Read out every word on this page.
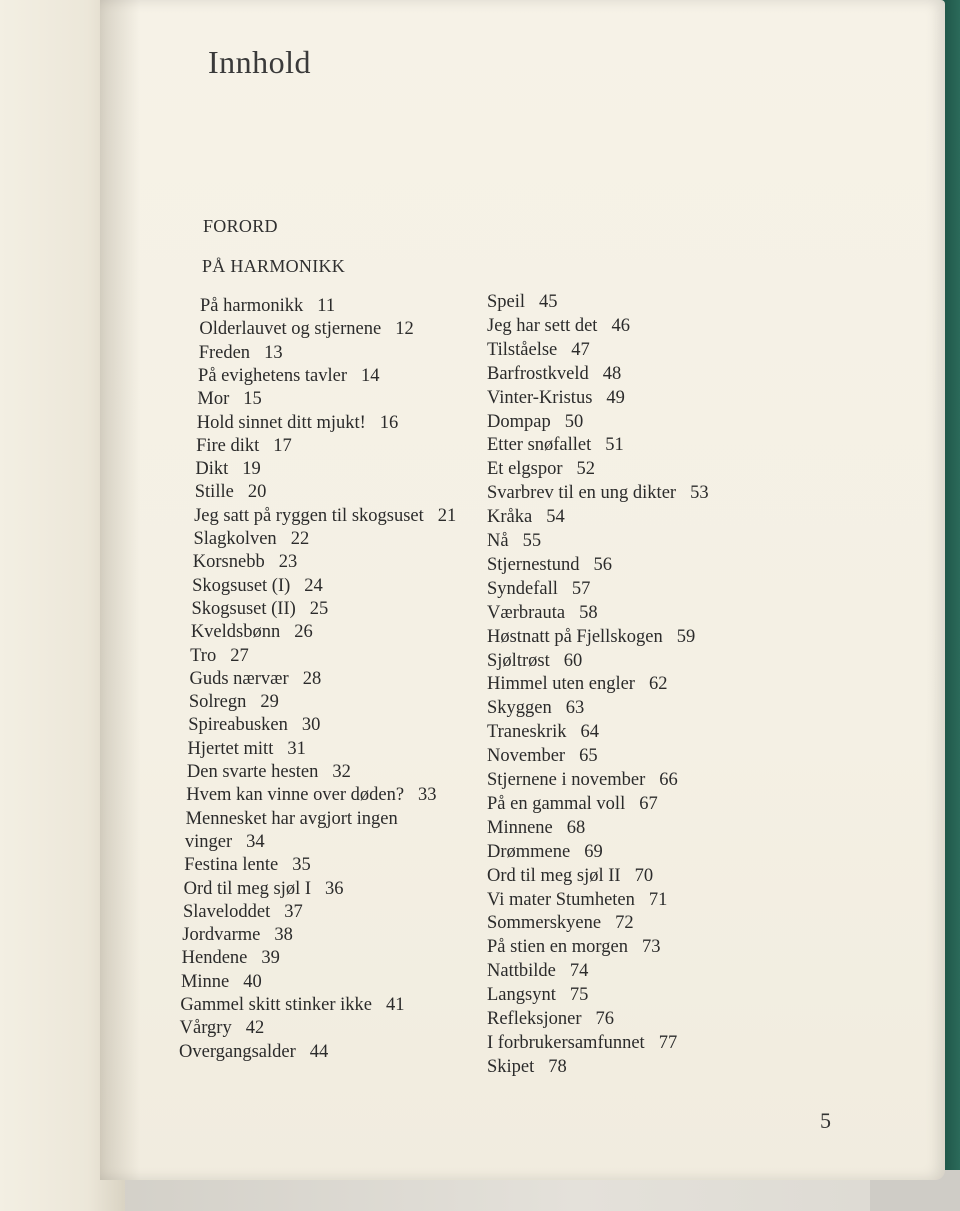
Innhold
FORORD
PÅ HARMONIKK
På harmonikk 11
Olderlauvet og stjernene 12
Freden 13
På evighetens tavler 14
Mor 15
Hold sinnet ditt mjukt! 16
Fire dikt 17
Dikt 19
Stille 20
Jeg satt på ryggen til skogsuset 21
Slagkolven 22
Korsnebb 23
Skogsuset (I) 24
Skogsuset (II) 25
Kveldsbønn 26
Tro 27
Guds nærvær 28
Solregn 29
Spireabusken 30
Hjertet mitt 31
Den svarte hesten 32
Hvem kan vinne over døden? 33
Mennesket har avgjort ingen
vinger 34
Festina lente 35
Ord til meg sjøl I 36
Slaveloddet 37
Jordvarme 38
Hendene 39
Minne 40
Gammel skitt stinker ikke 41
Vårgry 42
Overgangsalder 44
Speil 45
Jeg har sett det 46
Tilståelse 47
Barfrostkveld 48
Vinter-Kristus 49
Dompap 50
Etter snøfallet 51
Et elgspor 52
Svarbrev til en ung dikter 53
Kråka 54
Nå 55
Stjernestund 56
Syndefall 57
Værbrauta 58
Høstnatt på Fjellskogen 59
Sjøltrøst 60
Himmel uten engler 62
Skyggen 63
Traneskrik 64
November 65
Stjernene i november 66
På en gammal voll 67
Minnene 68
Drømmene 69
Ord til meg sjøl II 70
Vi mater Stumheten 71
Sommerskyene 72
På stien en morgen 73
Nattbilde 74
Langsynt 75
Refleksjoner 76
I forbrukersamfunnet 77
Skipet 78
5
